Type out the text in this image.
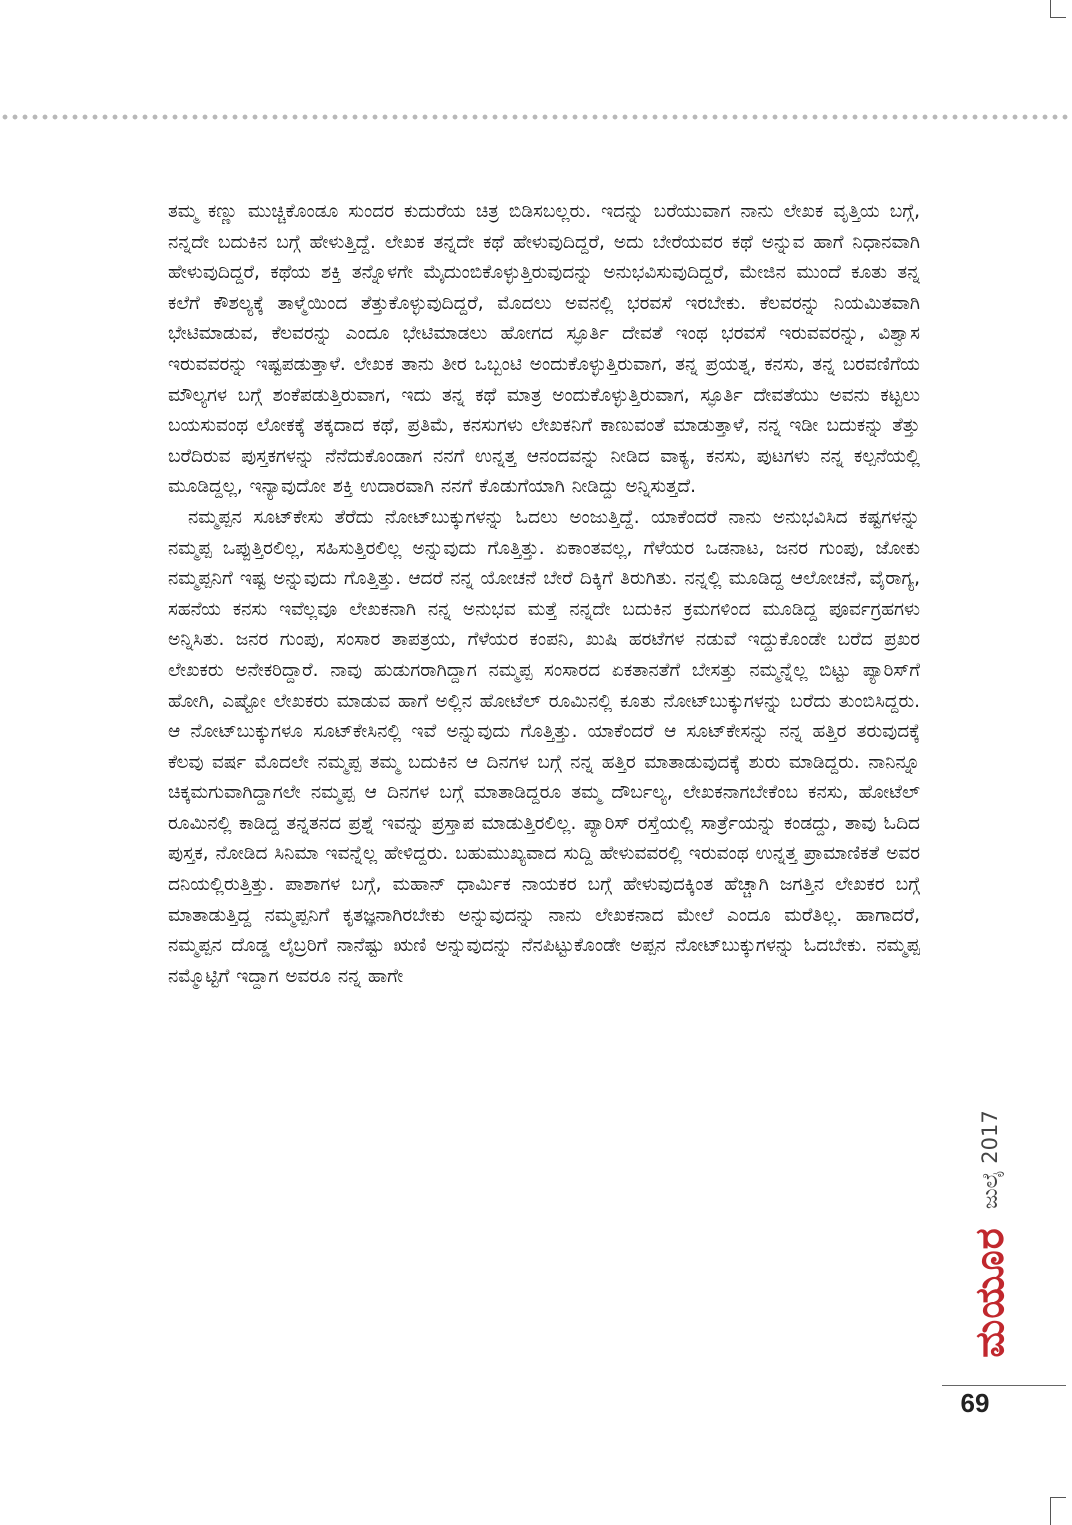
ತಮ್ಮ ಕಣ್ಣು ಮುಚ್ಚಿಕೊಂಡೂ ಸುಂದರ ಕುದುರೆಯ ಚಿತ್ರ ಬಿಡಿಸಬಲ್ಲರು. ಇದನ್ನು ಬರೆಯುವಾಗ ನಾನು ಲೇಖಕ ವೃತ್ತಿಯ ಬಗ್ಗೆ, ನನ್ನದೇ ಬದುಕಿನ ಬಗ್ಗೆ ಹೇಳುತ್ತಿದ್ದೆ. ಲೇಖಕ ತನ್ನದೇ ಕಥೆ ಹೇಳುವುದಿದ್ದರೆ, ಅದು ಬೇರೆಯವರ ಕಥೆ ಅನ್ನುವ ಹಾಗೆ ನಿಧಾನವಾಗಿ ಹೇಳುವುದಿದ್ದರೆ, ಕಥೆಯ ಶಕ್ತಿ ತನ್ನೊಳಗೇ ಮೈದುಂಬಿಕೊಳ್ಳುತ್ತಿರುವುದನ್ನು ಅನುಭವಿಸುವುದಿದ್ದರೆ, ಮೇಜಿನ ಮುಂದೆ ಕೂತು ತನ್ನ ಕಲೆಗೆ ಕೌಶಲ್ಯಕ್ಕೆ ತಾಳ್ಮೆಯಿಂದ ತೆತ್ತುಕೊಳ್ಳುವುದಿದ್ದರೆ, ಮೊದಲು ಅವನಲ್ಲಿ ಭರವಸೆ ಇರಬೇಕು. ಕೆಲವರನ್ನು ನಿಯಮಿತವಾಗಿ ಭೇಟಿಮಾಡುವ, ಕೆಲವರನ್ನು ಎಂದೂ ಭೇಟಿಮಾಡಲು ಹೋಗದ ಸ್ಫೂರ್ತಿ ದೇವತೆ ಇಂಥ ಭರವಸೆ ಇರುವವರನ್ನು, ವಿಶ್ವಾಸ ಇರುವವರನ್ನು ಇಷ್ಟಪಡುತ್ತಾಳೆ. ಲೇಖಕ ತಾನು ತೀರ ಒಬ್ಬಂಟಿ ಅಂದುಕೊಳ್ಳುತ್ತಿರುವಾಗ, ತನ್ನ ಪ್ರಯತ್ನ, ಕನಸು, ತನ್ನ ಬರವಣಿಗೆಯ ಮೌಲ್ಯಗಳ ಬಗ್ಗೆ ಶಂಕೆಪಡುತ್ತಿರುವಾಗ, ಇದು ತನ್ನ ಕಥೆ ಮಾತ್ರ ಅಂದುಕೊಳ್ಳುತ್ತಿರುವಾಗ, ಸ್ಫೂರ್ತಿ ದೇವತೆಯು ಅವನು ಕಟ್ಟಲು ಬಯಸುವಂಥ ಲೋಕಕ್ಕೆ ತಕ್ಕದಾದ ಕಥೆ, ಪ್ರತಿಮೆ, ಕನಸುಗಳು ಲೇಖಕನಿಗೆ ಕಾಣುವಂತೆ ಮಾಡುತ್ತಾಳೆ, ನನ್ನ ಇಡೀ ಬದುಕನ್ನು ತೆತ್ತು ಬರೆದಿರುವ ಪುಸ್ತಕಗಳನ್ನು ನೆನೆದುಕೊಂಡಾಗ ನನಗೆ ಉನ್ನತ್ತ ಆನಂದವನ್ನು ನೀಡಿದ ವಾಕ್ಯ, ಕನಸು, ಪುಟಗಳು ನನ್ನ ಕಲ್ಪನೆಯಲ್ಲಿ ಮೂಡಿದ್ದಲ್ಲ, ಇನ್ಯಾವುದೋ ಶಕ್ತಿ ಉದಾರವಾಗಿ ನನಗೆ ಕೊಡುಗೆಯಾಗಿ ನೀಡಿದ್ದು ಅನ್ನಿಸುತ್ತದೆ.

ನಮ್ಮಪ್ಪನ ಸೂಟ್‌ಕೇಸು ತೆರೆದು ನೋಟ್‌ಬುಕ್ಕುಗಳನ್ನು ಓದಲು ಅಂಜುತ್ತಿದ್ದೆ. ಯಾಕೆಂದರೆ ನಾನು ಅನುಭವಿಸಿದ ಕಷ್ಟಗಳನ್ನು ನಮ್ಮಪ್ಪ ಒಪ್ಪುತ್ತಿರಲಿಲ್ಲ, ಸಹಿಸುತ್ತಿರಲಿಲ್ಲ ಅನ್ನುವುದು ಗೊತ್ತಿತ್ತು. ಏಕಾಂತವಲ್ಲ, ಗೆಳೆಯರ ಒಡನಾಟ, ಜನರ ಗುಂಪು, ಜೋಕು ನಮ್ಮಪ್ಪನಿಗೆ ಇಷ್ಟ ಅನ್ನುವುದು ಗೊತ್ತಿತ್ತು. ಆದರೆ ನನ್ನ ಯೋಚನೆ ಬೇರೆ ದಿಕ್ಕಿಗೆ ತಿರುಗಿತು. ನನ್ನಲ್ಲಿ ಮೂಡಿದ್ದ ಆಲೋಚನೆ, ವೈರಾಗ್ಯ, ಸಹನೆಯ ಕನಸು ಇವೆಲ್ಲವೂ ಲೇಖಕನಾಗಿ ನನ್ನ ಅನುಭವ ಮತ್ತೆ ನನ್ನದೇ ಬದುಕಿನ ಕ್ರಮಗಳಿಂದ ಮೂಡಿದ್ದ ಪೂರ್ವಗ್ರಹಗಳು ಅನ್ನಿಸಿತು. ಜನರ ಗುಂಪು, ಸಂಸಾರ ತಾಪತ್ರಯ, ಗೆಳೆಯರ ಕಂಪನಿ, ಖುಷಿ ಹರಟೆಗಳ ನಡುವೆ ಇದ್ದುಕೊಂಡೇ ಬರೆದ ಪ್ರಖರ ಲೇಖಕರು ಅನೇಕರಿದ್ದಾರೆ. ನಾವು ಹುಡುಗರಾಗಿದ್ದಾಗ ನಮ್ಮಪ್ಪ ಸಂಸಾರದ ಏಕತಾನತೆಗೆ ಬೇಸತ್ತು ನಮ್ಮನ್ನೆಲ್ಲ ಬಿಟ್ಟು ಪ್ಯಾರಿಸ್‌ಗೆ ಹೋಗಿ, ಎಷ್ಟೋ ಲೇಖಕರು ಮಾಡುವ ಹಾಗೆ ಅಲ್ಲಿನ ಹೋಟೆಲ್ ರೂಮಿನಲ್ಲಿ ಕೂತು ನೋಟ್‌ಬುಕ್ಕುಗಳನ್ನು ಬರೆದು ತುಂಬಿಸಿದ್ದರು. ಆ ನೋಟ್‌ಬುಕ್ಕುಗಳೂ ಸೂಟ್‌ಕೇಸಿನಲ್ಲಿ ಇವೆ ಅನ್ನುವುದು ಗೊತ್ತಿತ್ತು. ಯಾಕೆಂದರೆ ಆ ಸೂಟ್‌ಕೇಸನ್ನು ನನ್ನ ಹತ್ತಿರ ತರುವುದಕ್ಕೆ ಕೆಲವು ವರ್ಷ ಮೊದಲೇ ನಮ್ಮಪ್ಪ ತಮ್ಮ ಬದುಕಿನ ಆ ದಿನಗಳ ಬಗ್ಗೆ ನನ್ನ ಹತ್ತಿರ ಮಾತಾಡುವುದಕ್ಕೆ ಶುರು ಮಾಡಿದ್ದರು. ನಾನಿನ್ನೂ ಚಿಕ್ಕಮಗುವಾಗಿದ್ದಾಗಲೇ ನಮ್ಮಪ್ಪ ಆ ದಿನಗಳ ಬಗ್ಗೆ ಮಾತಾಡಿದ್ದರೂ ತಮ್ಮ ದೌರ್ಬಲ್ಯ, ಲೇಖಕನಾಗಬೇಕೆಂಬ ಕನಸು, ಹೋಟೆಲ್ ರೂಮಿನಲ್ಲಿ ಕಾಡಿದ್ದ ತನ್ನತನದ ಪ್ರಶ್ನೆ ಇವನ್ನು ಪ್ರಸ್ತಾಪ ಮಾಡುತ್ತಿರಲಿಲ್ಲ. ಪ್ಯಾರಿಸ್ ರಸ್ತೆಯಲ್ಲಿ ಸಾರ್ತ್ರೆಯನ್ನು ಕಂಡದ್ದು, ತಾವು ಓದಿದ ಪುಸ್ತಕ, ನೋಡಿದ ಸಿನಿಮಾ ಇವನ್ನೆಲ್ಲ ಹೇಳಿದ್ದರು. ಬಹುಮುಖ್ಯವಾದ ಸುದ್ದಿ ಹೇಳುವವರಲ್ಲಿ ಇರುವಂಥ ಉನ್ನತ್ತ ಪ್ರಾಮಾಣಿಕತೆ ಅವರ ದನಿಯಲ್ಲಿರುತ್ತಿತ್ತು. ಪಾಶಾಗಳ ಬಗ್ಗೆ, ಮಹಾನ್ ಧಾರ್ಮಿಕ ನಾಯಕರ ಬಗ್ಗೆ ಹೇಳುವುದಕ್ಕಿಂತ ಹೆಚ್ಚಾಗಿ ಜಗತ್ತಿನ ಲೇಖಕರ ಬಗ್ಗೆ ಮಾತಾಡುತ್ತಿದ್ದ ನಮ್ಮಪ್ಪನಿಗೆ ಕೃತಜ್ಞನಾಗಿರಬೇಕು ಅನ್ನುವುದನ್ನು ನಾನು ಲೇಖಕನಾದ ಮೇಲೆ ಎಂದೂ ಮರೆತಿಲ್ಲ. ಹಾಗಾದರೆ, ನಮ್ಮಪ್ಪನ ದೊಡ್ಡ ಲೈಬ್ರರಿಗೆ ನಾನೆಷ್ಟು ಋಣಿ ಅನ್ನುವುದನ್ನು ನೆನಪಿಟ್ಟುಕೊಂಡೇ ಅಪ್ಪನ ನೋಟ್‌ಬುಕ್ಕುಗಳನ್ನು ಓದಬೇಕು. ನಮ್ಮಪ್ಪ ನಮ್ಮೊಟ್ಟಿಗೆ ಇದ್ದಾಗ ಅವರೂ ನನ್ನ ಹಾಗೇ

ಮಯೂರ
ಜುಲೈ 2017
69
